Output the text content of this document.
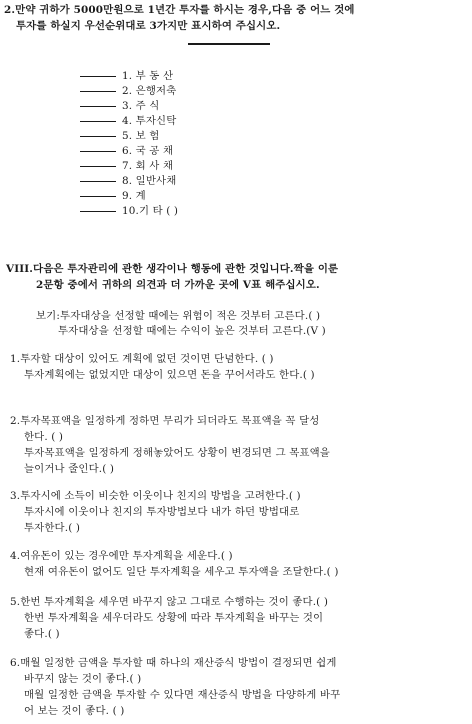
2.만약 귀하가 5000만원으로 1년간 투자를 하시는 경우,다음 중 어느 것에
투자를 하실지 우선순위대로 3가지만 표시하여 주십시오.
1. 부 동 산
2. 은행저축
3. 주 식
4. 투자신탁
5. 보 험
6. 국 공 채
7. 회 사 채
8. 일반사채
9. 계
10.기 타 ( )
VIII.다음은 투자관리에 관한 생각이나 행동에 관한 것입니다.짝을 이룬
2문항 중에서 귀하의 의견과 더 가까운 곳에 V표 해주십시오.
보기:투자대상을 선정할 때에는 위험이 적은 것부터 고른다.( )
투자대상을 선정할 때에는 수익이 높은 것부터 고른다.(V )
1.투자할 대상이 있어도 계획에 없던 것이면 단념한다. ( )
투자계획에는 없었지만 대상이 있으면 돈을 꾸어서라도 한다.( )
2.투자목표액을 일정하게 정하면 무리가 되더라도 목표액을 꼭 달성
한다. ( )
투자목표액을 일정하게 정해놓았어도 상황이 변경되면 그 목표액을
늘이거나 줄인다.( )
3.투자시에 소득이 비슷한 이웃이나 친지의 방법을 고려한다.( )
투자시에 이웃이나 친지의 투자방법보다 내가 하던 방법대로
투자한다.( )
4.여유돈이 있는 경우에만 투자계획을 세운다.( )
현재 여유돈이 없어도 일단 투자계획을 세우고 투자액을 조달한다.( )
5.한번 투자계획을 세우면 바꾸지 않고 그대로 수행하는 것이 좋다.( )
한번 투자계획을 세우더라도 상황에 따라 투자계획을 바꾸는 것이
좋다.( )
6.매월 일정한 금액을 투자할 때 하나의 재산증식 방법이 결정되면 쉽게
바꾸지 않는 것이 좋다.( )
매월 일정한 금액을 투자할 수 있다면 재산증식 방법을 다양하게 바꾸
어 보는 것이 좋다. ( )
